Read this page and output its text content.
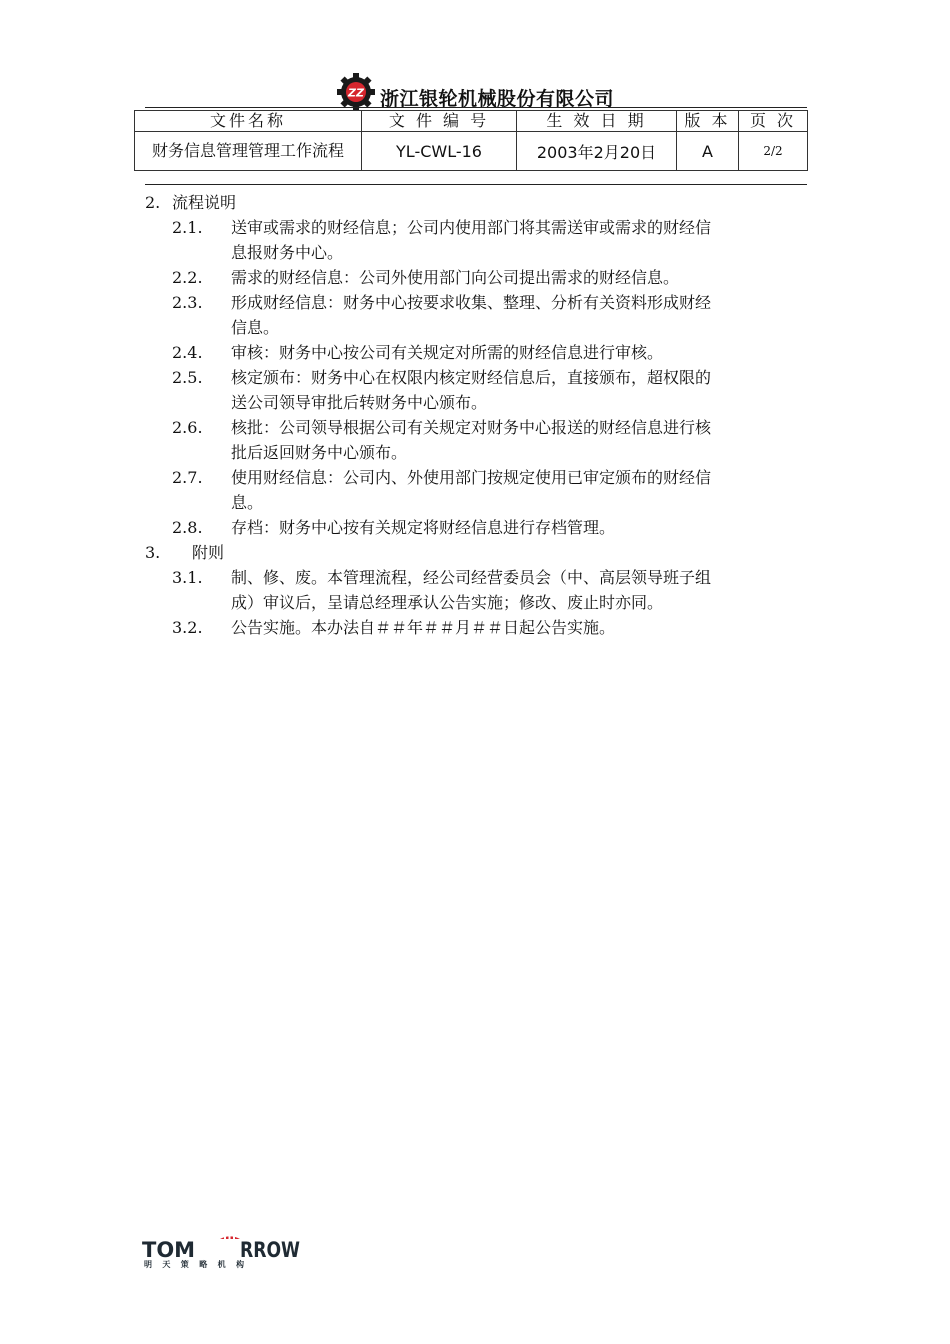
ZZ 浙江银轮机械股份有限公司
文件名称	文 件 编 号	生 效 日 期	版 本	页 次
财务信息管理管理工作流程	YL-CWL-16	2003年2月20日	A	2/2
2. 流程说明
2.1. 送审或需求的财经信息；公司内使用部门将其需送审或需求的财经信
息报财务中心。
2.2. 需求的财经信息：公司外使用部门向公司提出需求的财经信息。
2.3. 形成财经信息：财务中心按要求收集、整理、分析有关资料形成财经
信息。
2.4. 审核：财务中心按公司有关规定对所需的财经信息进行审核。
2.5. 核定颁布：财务中心在权限内核定财经信息后，直接颁布，超权限的
送公司领导审批后转财务中心颁布。
2.6. 核批：公司领导根据公司有关规定对财务中心报送的财经信息进行核
批后返回财务中心颁布。
2.7. 使用财经信息：公司内、外使用部门按规定使用已审定颁布的财经信
息。
2.8. 存档：财务中心按有关规定将财经信息进行存档管理。
3. 附则
3.1. 制、修、废。本管理流程，经公司经营委员会（中、高层领导班子组
成）审议后，呈请总经理承认公告实施；修改、废止时亦同。
3.2. 公告实施。本办法自＃＃年＃＃月＃＃日起公告实施。
TOM RROW
明 天 策 略 机 构
